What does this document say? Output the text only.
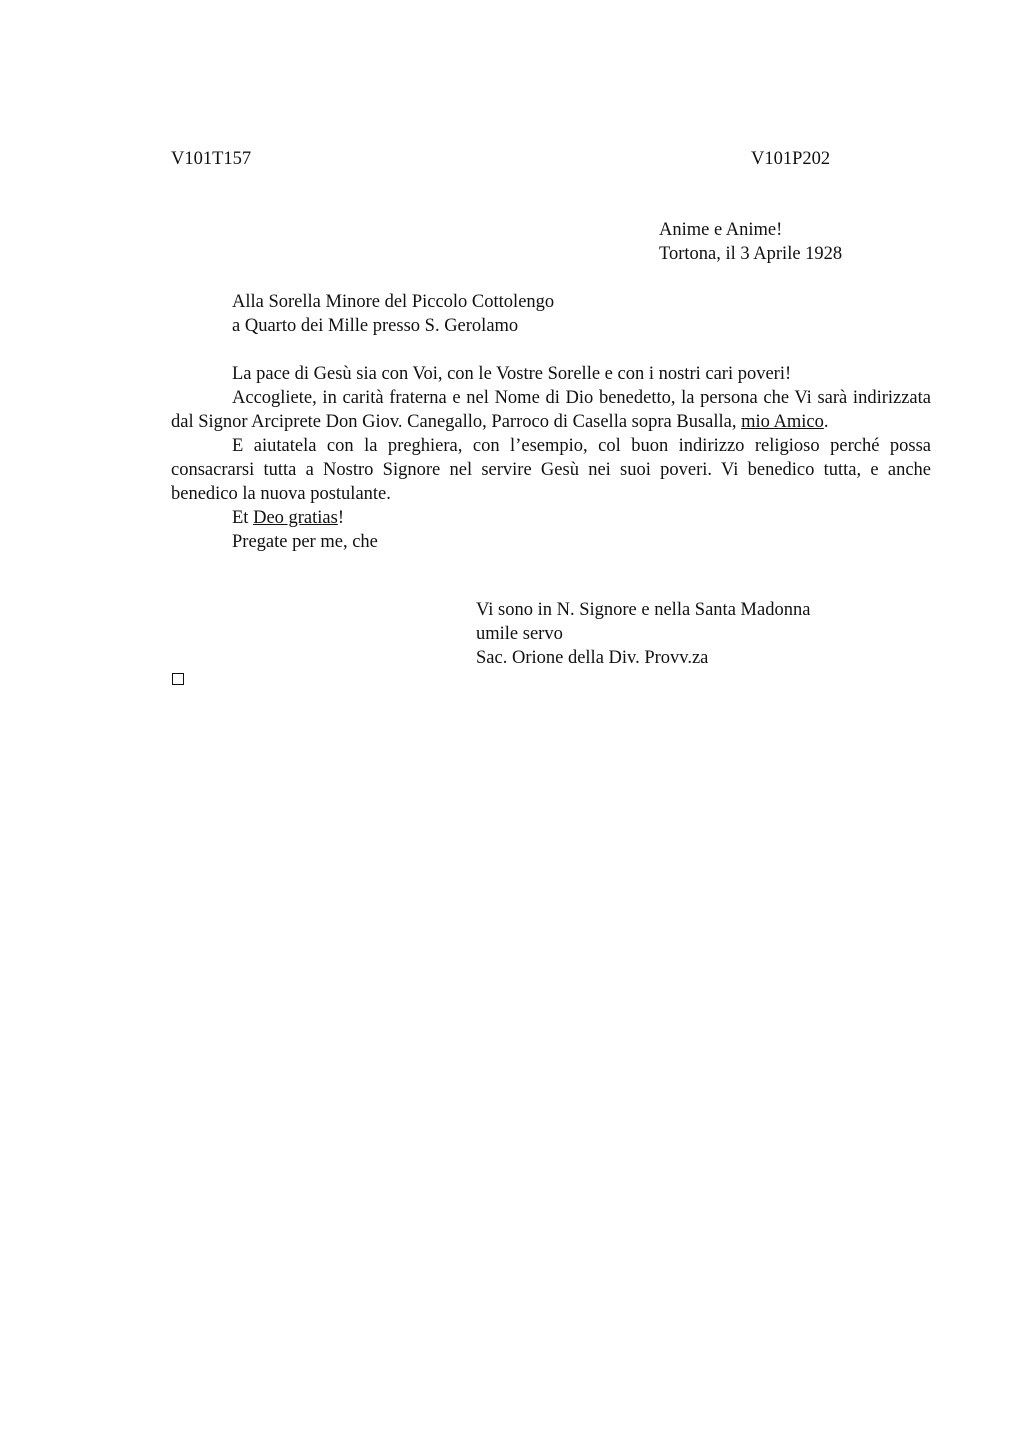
V101T157	V101P202
Anime e Anime!
Tortona, il 3 Aprile 1928
Alla Sorella Minore del Piccolo Cottolengo
a Quarto dei Mille presso S. Gerolamo

La pace di Gesù sia con Voi, con le Vostre Sorelle e con i nostri cari poveri!

Accogliete, in carità fraterna e nel Nome di Dio benedetto, la persona che Vi sarà indirizzata dal Signor Arciprete Don Giov. Canegallo, Parroco di Casella sopra Busalla, mio Amico.

E aiutatela con la preghiera, con l’esempio, col buon indirizzo religioso perché possa consacrarsi tutta a Nostro Signore nel servire Gesù nei suoi poveri. Vi benedico tutta, e anche benedico la nuova postulante.

Et Deo gratias!

Pregate per me, che

Vi sono in N. Signore e nella Santa Madonna
umile servo
Sac. Orione della Div. Provv.za
